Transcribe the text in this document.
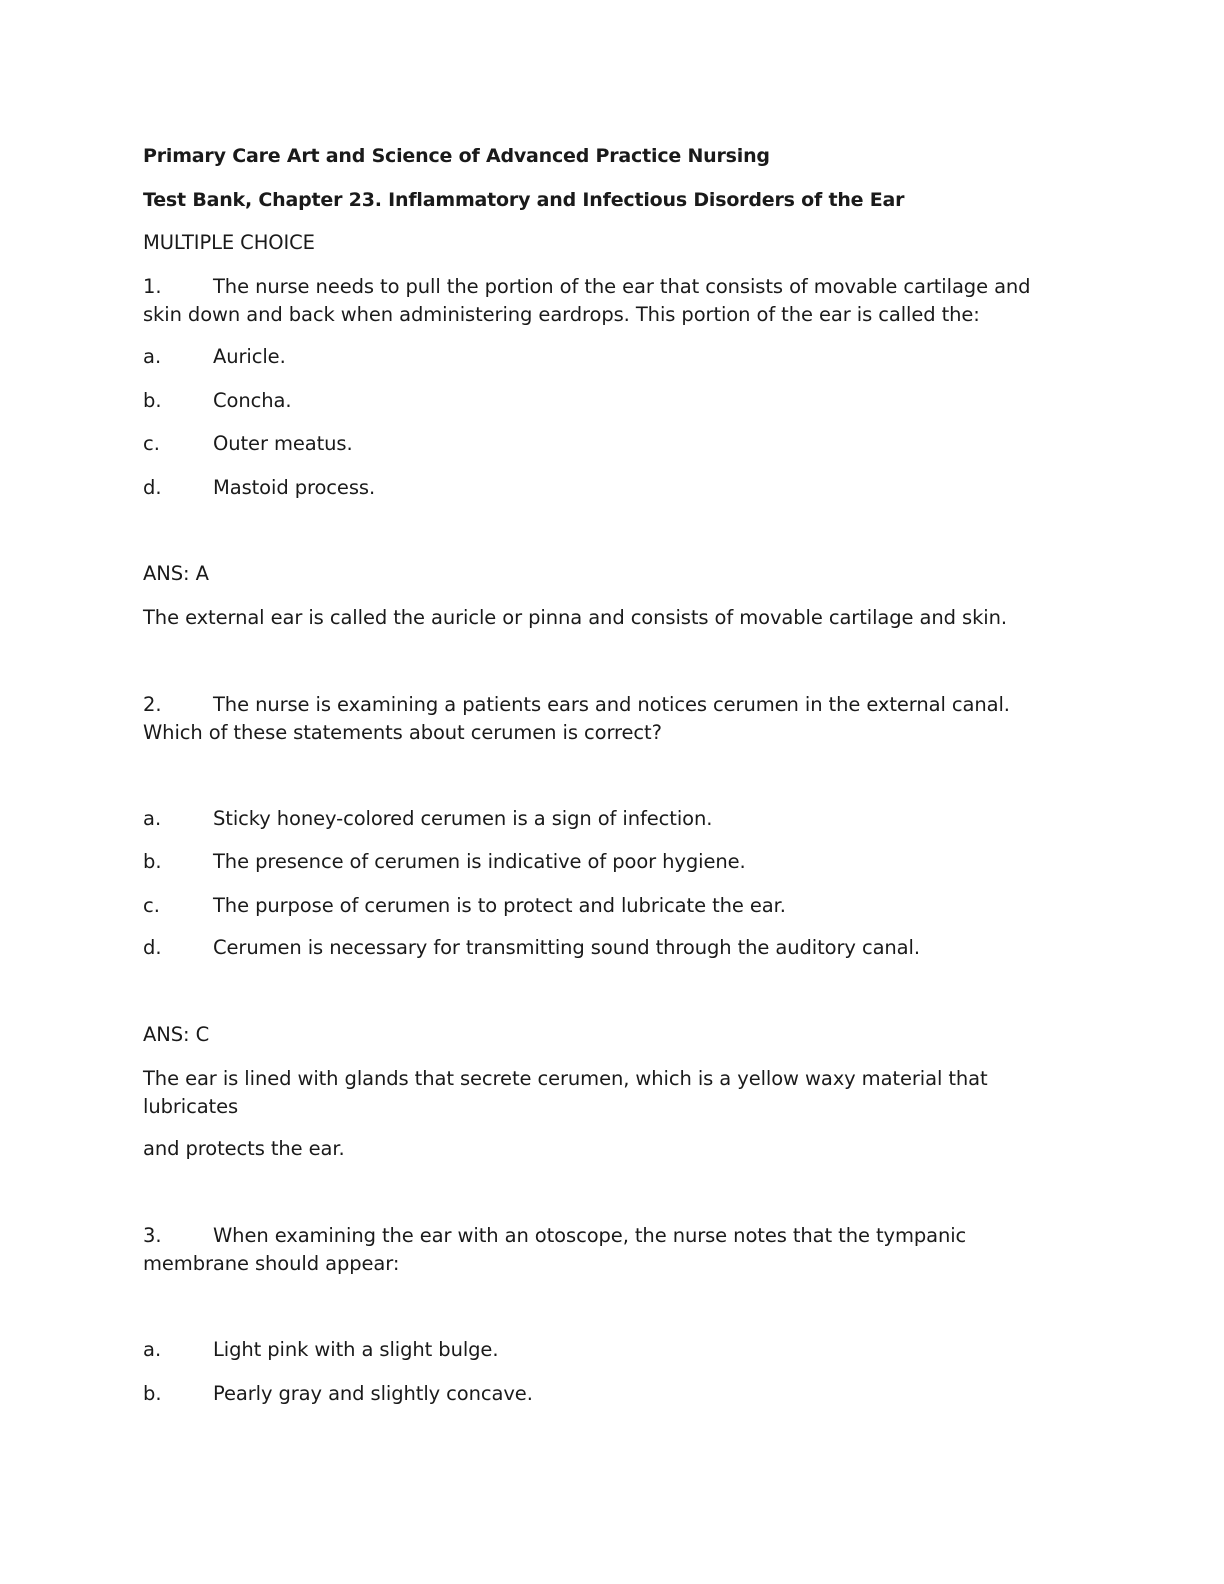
Primary Care Art and Science of Advanced Practice Nursing
Test Bank, Chapter 23. Inflammatory and Infectious Disorders of the Ear
MULTIPLE CHOICE
1.	The nurse needs to pull the portion of the ear that consists of movable cartilage and
skin down and back when administering eardrops. This portion of the ear is called the:
a.	Auricle.
b.	Concha.
c.	Outer meatus.
d.	Mastoid process.
ANS: A
The external ear is called the auricle or pinna and consists of movable cartilage and skin.
2.	The nurse is examining a patients ears and notices cerumen in the external canal.
Which of these statements about cerumen is correct?
a.	Sticky honey-colored cerumen is a sign of infection.
b.	The presence of cerumen is indicative of poor hygiene.
c.	The purpose of cerumen is to protect and lubricate the ear.
d.	Cerumen is necessary for transmitting sound through the auditory canal.
ANS: C
The ear is lined with glands that secrete cerumen, which is a yellow waxy material that
lubricates
and protects the ear.
3.	When examining the ear with an otoscope, the nurse notes that the tympanic
membrane should appear:
a.	Light pink with a slight bulge.
b.	Pearly gray and slightly concave.
